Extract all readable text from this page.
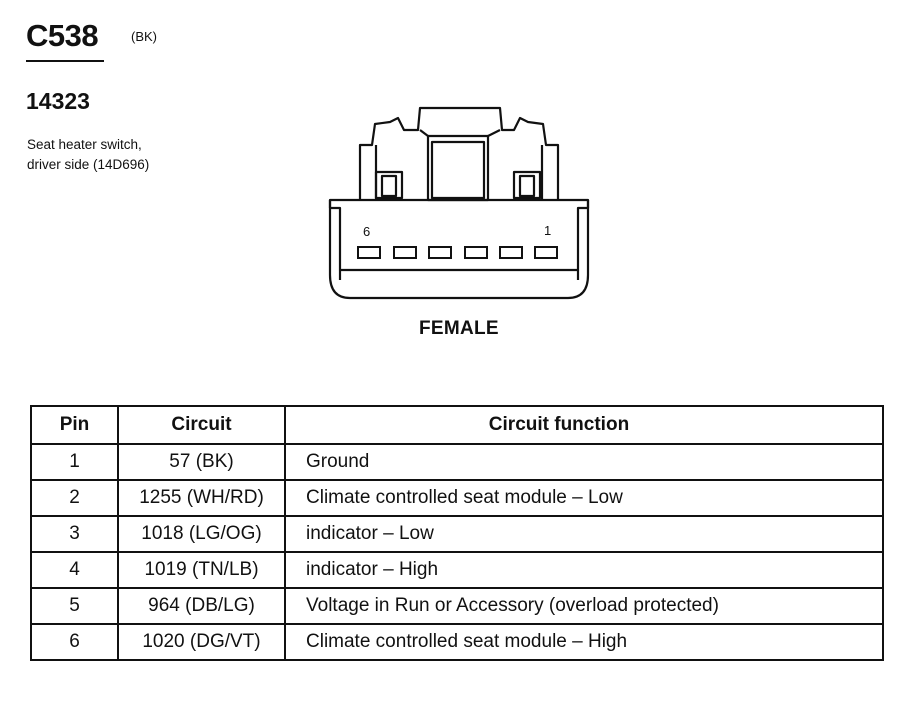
C538	(BK)
14323
Seat heater switch,
driver side (14D696)
6	1
FEMALE
Pin	Circuit	Circuit function
1	57 (BK)	Ground
2	1255 (WH/RD)	Climate controlled seat module – Low
3	1018 (LG/OG)	indicator – Low
4	1019 (TN/LB)	indicator – High
5	964 (DB/LG)	Voltage in Run or Accessory (overload protected)
6	1020 (DG/VT)	Climate controlled seat module – High
